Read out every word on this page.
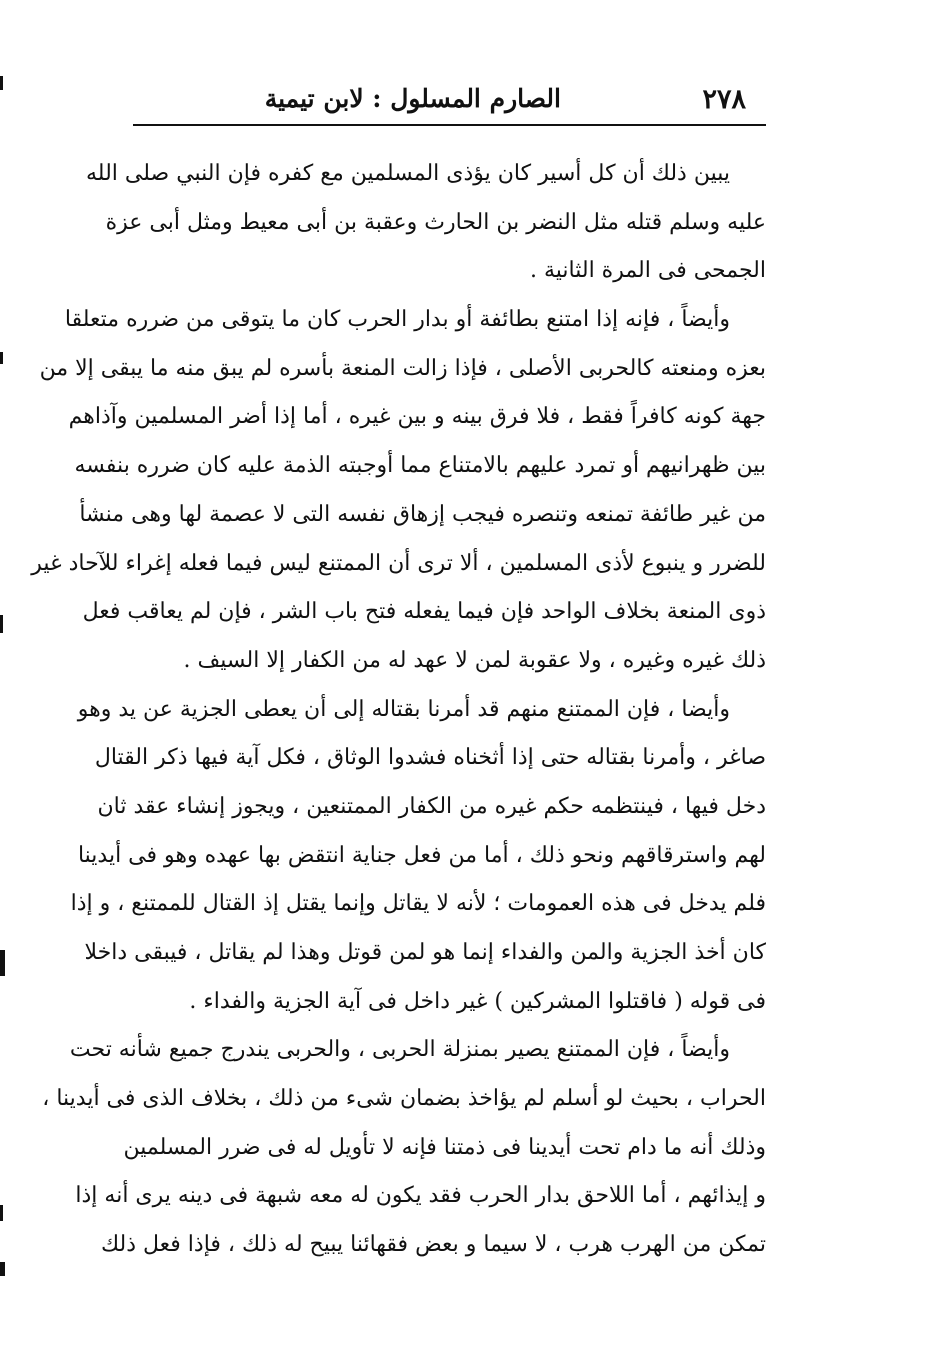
٢٧٨
الصارم المسلول : لابن تيمية
يبين ذلك أن كل أسير كان يؤذى المسلمين مع كفره فإن النبي صلى الله
عليه وسلم قتله مثل النضر بن الحارث وعقبة بن أبى معيط ومثل أبى عزة
الجمحى فى المرة الثانية .
وأيضاً ، فإنه إذا امتنع بطائفة أو بدار الحرب كان ما يتوقى من ضرره متعلقا
بعزه ومنعته كالحربى الأصلى ، فإذا زالت المنعة بأسره لم يبق منه ما يبقى إلا من
جهة كونه كافراً فقط ، فلا فرق بينه و بين غيره ، أما إذا أضر المسلمين وآذاهم
بين ظهرانيهم أو تمرد عليهم بالامتناع مما أوجبته الذمة عليه كان ضرره بنفسه
من غير طائفة تمنعه وتنصره فيجب إزهاق نفسه التى لا عصمة لها وهى منشأ
للضرر و ينبوع لأذى المسلمين ، ألا ترى أن الممتنع ليس فيما فعله إغراء للآحاد غير
ذوى المنعة بخلاف الواحد فإن فيما يفعله فتح باب الشر ، فإن لم يعاقب فعل
ذلك غيره وغيره ، ولا عقوبة لمن لا عهد له من الكفار إلا السيف .
وأيضا ، فإن الممتنع منهم قد أمرنا بقتاله إلى أن يعطى الجزية عن يد وهو
صاغر ، وأمرنا بقتاله حتى إذا أثخناه فشدوا الوثاق ، فكل آية فيها ذكر القتال
دخل فيها ، فينتظمه حكم غيره من الكفار الممتنعين ، ويجوز إنشاء عقد ثان
لهم واسترقاقهم ونحو ذلك ، أما من فعل جناية انتقض بها عهده وهو فى أيدينا
فلم يدخل فى هذه العمومات ؛ لأنه لا يقاتل وإنما يقتل إذ القتال للممتنع ، و إذا
كان أخذ الجزية والمن والفداء إنما هو لمن قوتل وهذا لم يقاتل ، فيبقى داخلا
فى قوله ( فاقتلوا المشركين ) غير داخل فى آية الجزية والفداء .
وأيضاً ، فإن الممتنع يصير بمنزلة الحربى ، والحربى يندرج جميع شأنه تحت
الحراب ، بحيث لو أسلم لم يؤاخذ بضمان شىء من ذلك ، بخلاف الذى فى أيدينا ،
وذلك أنه ما دام تحت أيدينا فى ذمتنا فإنه لا تأويل له فى ضرر المسلمين
و إيذائهم ، أما اللاحق بدار الحرب فقد يكون له معه شبهة فى دينه يرى أنه إذا
تمكن من الهرب هرب ، لا سيما و بعض فقهائنا يبيح له ذلك ، فإذا فعل ذلك
